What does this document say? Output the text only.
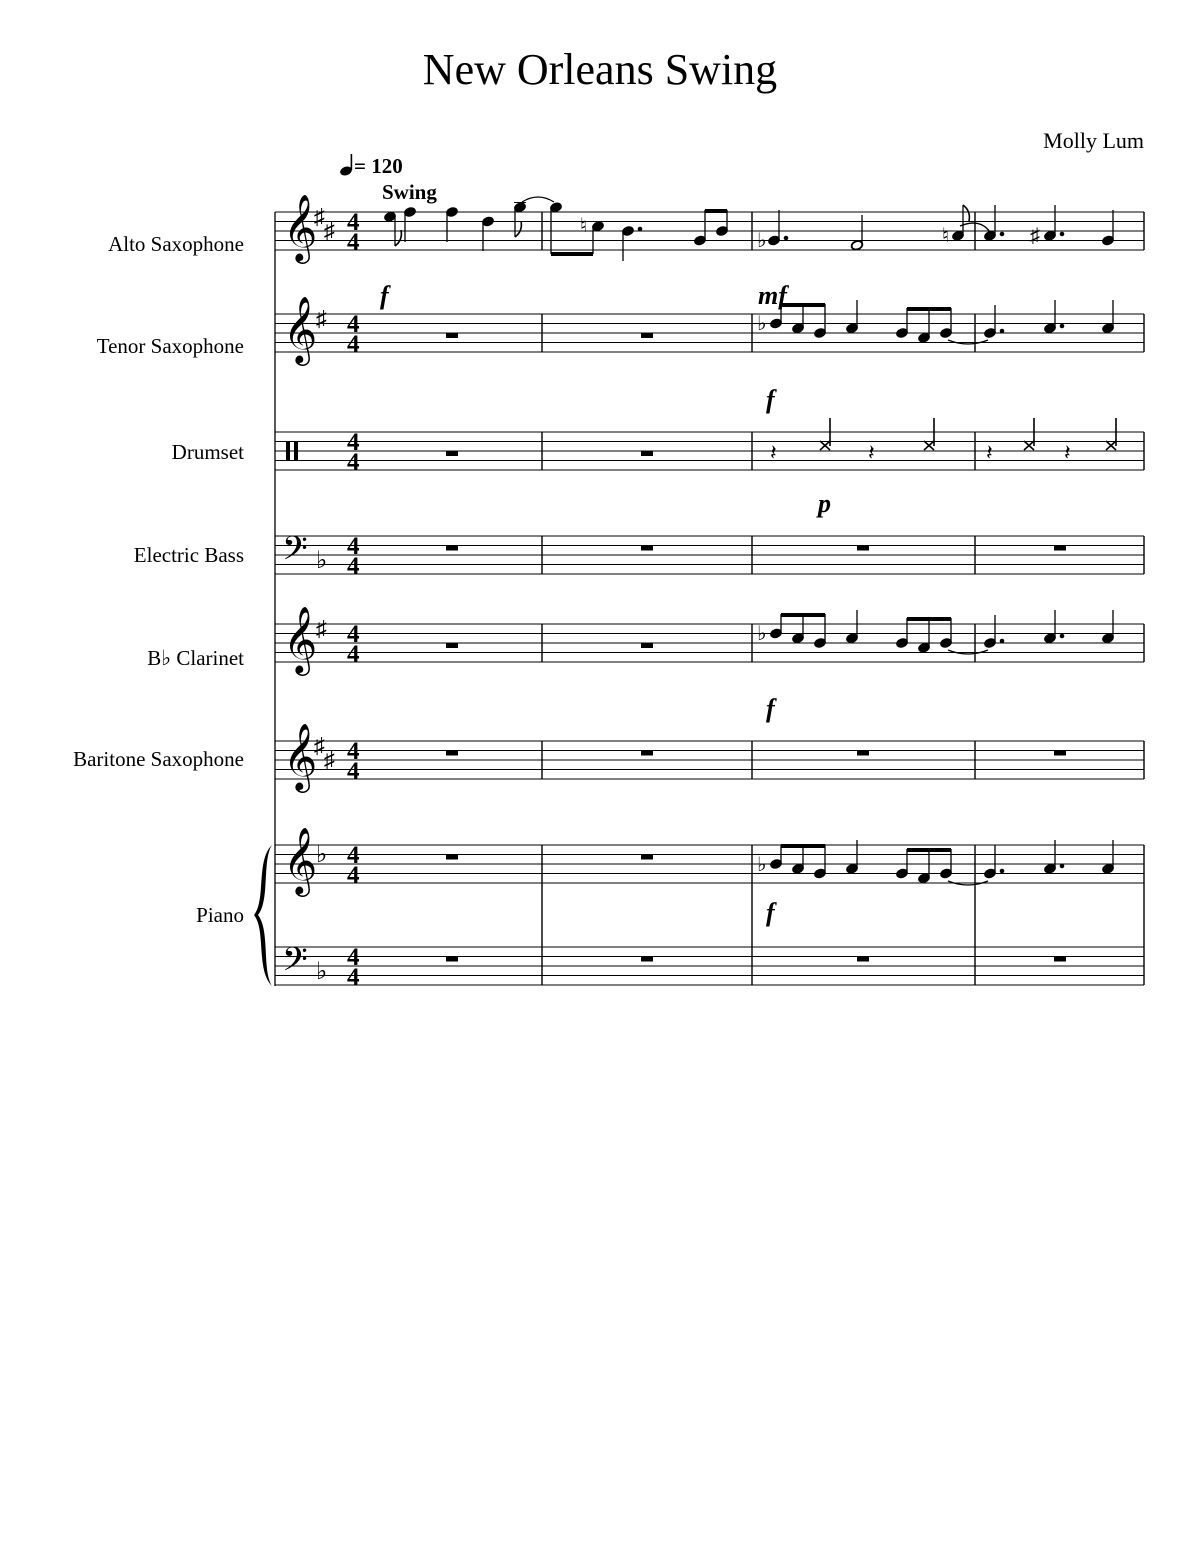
New Orleans Swing
Molly Lum
= 120
Swing
Alto Saxophone
Tenor Saxophone
Drumset
Electric Bass
B♭ Clarinet
Baritone Saxophone
Piano
𝄞
𝄞
𝄞
𝄞
𝄞
𝄢
𝄢
♯
♯
♯
♯
♯
♯
♭
♭
♭
4
4
4
4
4
4
4
4
4
4
4
4
4
4
4
4
♮
♭	♮	♯
♭
♭
♭
𝄽	𝄽	𝄽	𝄽
f	mf
f
p
f
f
